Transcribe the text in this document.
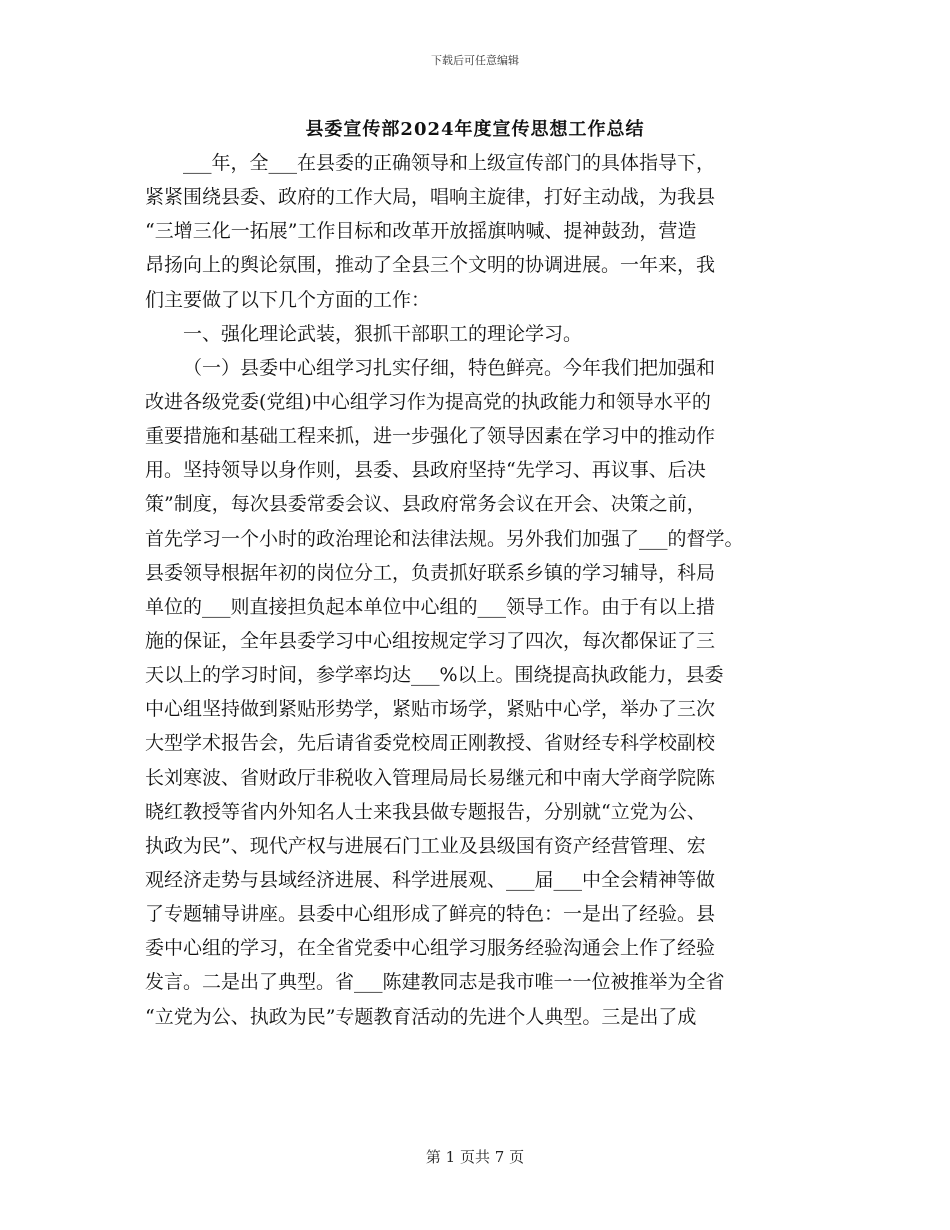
下载后可任意编辑
县委宣传部2024年度宣传思想工作总结
___年，全___在县委的正确领导和上级宣传部门的具体指导下，
紧紧围绕县委、政府的工作大局，唱响主旋律，打好主动战，为我县
“三增三化一拓展”工作目标和改革开放摇旗呐喊、提神鼓劲，营造
昂扬向上的舆论氛围，推动了全县三个文明的协调进展。一年来，我
们主要做了以下几个方面的工作：
一、强化理论武装，狠抓干部职工的理论学习。
（一）县委中心组学习扎实仔细，特色鲜亮。今年我们把加强和
改进各级党委(党组)中心组学习作为提高党的执政能力和领导水平的
重要措施和基础工程来抓，进一步强化了领导因素在学习中的推动作
用。坚持领导以身作则，县委、县政府坚持“先学习、再议事、后决
策”制度，每次县委常委会议、县政府常务会议在开会、决策之前，
首先学习一个小时的政治理论和法律法规。另外我们加强了___的督学。
县委领导根据年初的岗位分工，负责抓好联系乡镇的学习辅导，科局
单位的___则直接担负起本单位中心组的___领导工作。由于有以上措
施的保证，全年县委学习中心组按规定学习了四次，每次都保证了三
天以上的学习时间，参学率均达___%以上。围绕提高执政能力，县委
中心组坚持做到紧贴形势学，紧贴市场学，紧贴中心学，举办了三次
大型学术报告会，先后请省委党校周正刚教授、省财经专科学校副校
长刘寒波、省财政厅非税收入管理局局长易继元和中南大学商学院陈
晓红教授等省内外知名人士来我县做专题报告，分别就“立党为公、
执政为民”、现代产权与进展石门工业及县级国有资产经营管理、宏
观经济走势与县域经济进展、科学进展观、___届___中全会精神等做
了专题辅导讲座。县委中心组形成了鲜亮的特色：一是出了经验。县
委中心组的学习，在全省党委中心组学习服务经验沟通会上作了经验
发言。二是出了典型。省___陈建教同志是我市唯一一位被推举为全省
“立党为公、执政为民”专题教育活动的先进个人典型。三是出了成
第 1 页共 7 页
